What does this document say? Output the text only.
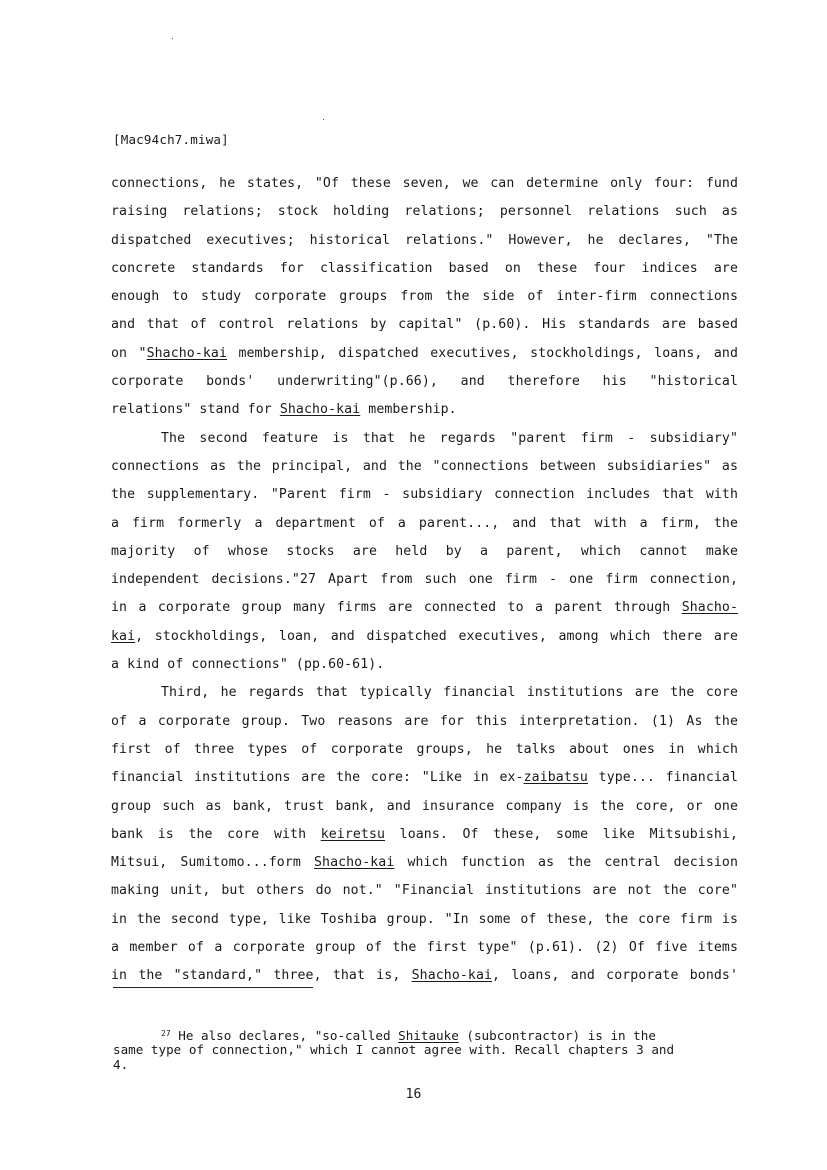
[Mac94ch7.miwa]
connections, he states, "Of these seven, we can determine only four: fund
raising relations; stock holding relations; personnel relations such as
dispatched executives; historical relations." However, he declares, "The
concrete standards for classification based on these four indices are
enough to study corporate groups from the side of inter-firm connections
and that of control relations by capital" (p.60). His standards are based
on "Shacho-kai membership, dispatched executives, stockholdings, loans, and
corporate bonds' underwriting"(p.66), and therefore his "historical
relations" stand for Shacho-kai membership.
The second feature is that he regards "parent firm - subsidiary"
connections as the principal, and the "connections between subsidiaries" as
the supplementary. "Parent firm - subsidiary connection includes that with
a firm formerly a department of a parent..., and that with a firm, the
majority of whose stocks are held by a parent, which cannot make
independent decisions."27 Apart from such one firm - one firm connection,
in a corporate group many firms are connected to a parent through Shacho-
kai, stockholdings, loan, and dispatched executives, among which there are
a kind of connections" (pp.60-61).
Third, he regards that typically financial institutions are the core
of a corporate group. Two reasons are for this interpretation. (1) As the
first of three types of corporate groups, he talks about ones in which
financial institutions are the core: "Like in ex-zaibatsu type... financial
group such as bank, trust bank, and insurance company is the core, or one
bank is the core with keiretsu loans. Of these, some like Mitsubishi,
Mitsui, Sumitomo...form Shacho-kai which function as the central decision
making unit, but others do not." "Financial institutions are not the core"
in the second type, like Toshiba group. "In some of these, the core firm is
a member of a corporate group of the first type" (p.61). (2) Of five items
in the "standard," three, that is, Shacho-kai, loans, and corporate bonds'
$^{27}$ He also declares, "so-called Shitauke (subcontractor) is in the
same type of connection," which I cannot agree with. Recall chapters 3 and
4.
16
